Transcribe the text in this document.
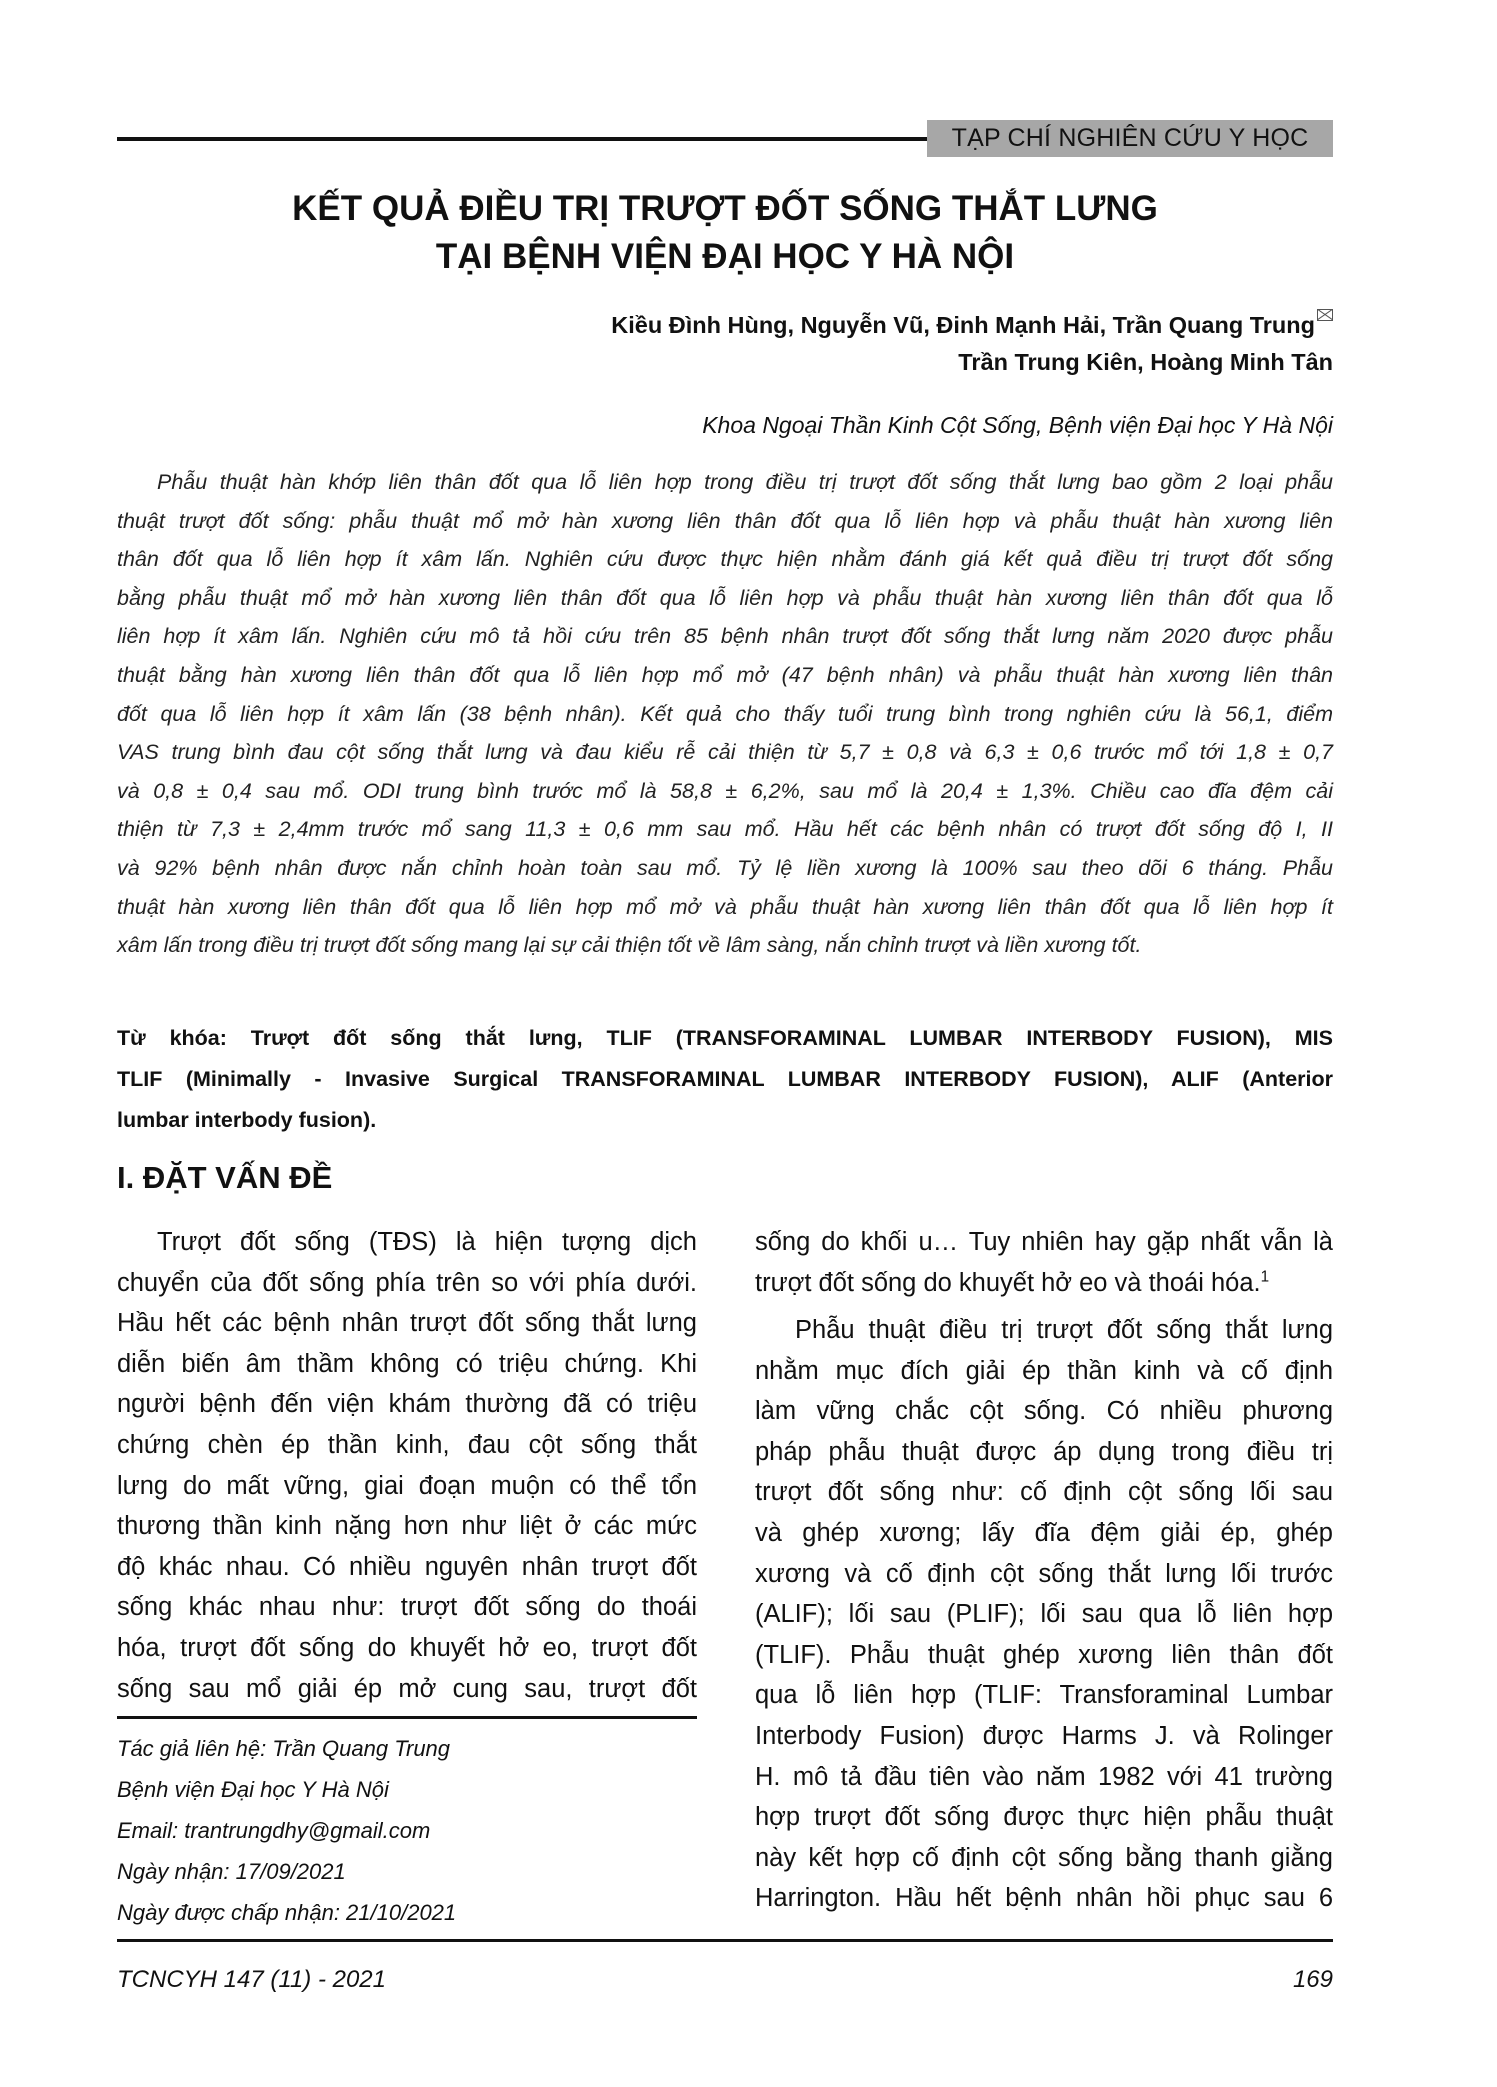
TẠP CHÍ NGHIÊN CỨU Y HỌC
KẾT QUẢ ĐIỀU TRỊ TRƯỢT ĐỐT SỐNG THẮT LƯNG
TẠI BỆNH VIỆN ĐẠI HỌC Y HÀ NỘI
Kiều Đình Hùng, Nguyễn Vũ, Đinh Mạnh Hải, Trần Quang Trung
Trần Trung Kiên, Hoàng Minh Tân
Khoa Ngoại Thần Kinh Cột Sống, Bệnh viện Đại học Y Hà Nội
Phẫu thuật hàn khớp liên thân đốt qua lỗ liên hợp trong điều trị trượt đốt sống thắt lưng bao gồm 2 loại phẫu
thuật trượt đốt sống: phẫu thuật mổ mở hàn xương liên thân đốt qua lỗ liên hợp và phẫu thuật hàn xương liên
thân đốt qua lỗ liên hợp ít xâm lấn. Nghiên cứu được thực hiện nhằm đánh giá kết quả điều trị trượt đốt sống
bằng phẫu thuật mổ mở hàn xương liên thân đốt qua lỗ liên hợp và phẫu thuật hàn xương liên thân đốt qua lỗ
liên hợp ít xâm lấn. Nghiên cứu mô tả hồi cứu trên 85 bệnh nhân trượt đốt sống thắt lưng năm 2020 được phẫu
thuật bằng hàn xương liên thân đốt qua lỗ liên hợp mổ mở (47 bệnh nhân) và phẫu thuật hàn xương liên thân
đốt qua lỗ liên hợp ít xâm lấn (38 bệnh nhân). Kết quả cho thấy tuổi trung bình trong nghiên cứu là 56,1, điểm
VAS trung bình đau cột sống thắt lưng và đau kiểu rễ cải thiện từ 5,7 ± 0,8 và 6,3 ± 0,6 trước mổ tới 1,8 ± 0,7
và 0,8 ± 0,4 sau mổ. ODI trung bình trước mổ là 58,8 ± 6,2%, sau mổ là 20,4 ± 1,3%. Chiều cao đĩa đệm cải
thiện từ 7,3 ± 2,4mm trước mổ sang 11,3 ± 0,6 mm sau mổ. Hầu hết các bệnh nhân có trượt đốt sống độ I, II
và 92% bệnh nhân được nắn chỉnh hoàn toàn sau mổ. Tỷ lệ liền xương là 100% sau theo dõi 6 tháng. Phẫu
thuật hàn xương liên thân đốt qua lỗ liên hợp mổ mở và phẫu thuật hàn xương liên thân đốt qua lỗ liên hợp ít
xâm lấn trong điều trị trượt đốt sống mang lại sự cải thiện tốt về lâm sàng, nắn chỉnh trượt và liền xương tốt.
Từ khóa: Trượt đốt sống thắt lưng, TLIF (TRANSFORAMINAL LUMBAR INTERBODY FUSION), MIS
TLIF (Minimally - Invasive Surgical TRANSFORAMINAL LUMBAR INTERBODY FUSION), ALIF (Anterior
lumbar interbody fusion).
I. ĐẶT VẤN ĐỀ
Trượt đốt sống (TĐS) là hiện tượng dịch
chuyển của đốt sống phía trên so với phía dưới.
Hầu hết các bệnh nhân trượt đốt sống thắt lưng
diễn biến âm thầm không có triệu chứng. Khi
người bệnh đến viện khám thường đã có triệu
chứng chèn ép thần kinh, đau cột sống thắt
lưng do mất vững, giai đoạn muộn có thể tổn
thương thần kinh nặng hơn như liệt ở các mức
độ khác nhau. Có nhiều nguyên nhân trượt đốt
sống khác nhau như: trượt đốt sống do thoái
hóa, trượt đốt sống do khuyết hở eo, trượt đốt
sống sau mổ giải ép mở cung sau, trượt đốt
sống do khối u… Tuy nhiên hay gặp nhất vẫn là
trượt đốt sống do khuyết hở eo và thoái hóa.$^1$
Phẫu thuật điều trị trượt đốt sống thắt lưng
nhằm mục đích giải ép thần kinh và cố định
làm vững chắc cột sống. Có nhiều phương
pháp phẫu thuật được áp dụng trong điều trị
trượt đốt sống như: cố định cột sống lối sau
và ghép xương; lấy đĩa đệm giải ép, ghép
xương và cố định cột sống thắt lưng lối trước
(ALIF); lối sau (PLIF); lối sau qua lỗ liên hợp
(TLIF). Phẫu thuật ghép xương liên thân đốt
qua lỗ liên hợp (TLIF: Transforaminal Lumbar
Interbody Fusion) được Harms J. và Rolinger
H. mô tả đầu tiên vào năm 1982 với 41 trường
hợp trượt đốt sống được thực hiện phẫu thuật
này kết hợp cố định cột sống bằng thanh giằng
Harrington. Hầu hết bệnh nhân hồi phục sau 6
Tác giả liên hệ: Trần Quang Trung
Bệnh viện Đại học Y Hà Nội
Email: trantrungdhy@gmail.com
Ngày nhận: 17/09/2021
Ngày được chấp nhận: 21/10/2021
TCNCYH 147 (11) - 2021	169
